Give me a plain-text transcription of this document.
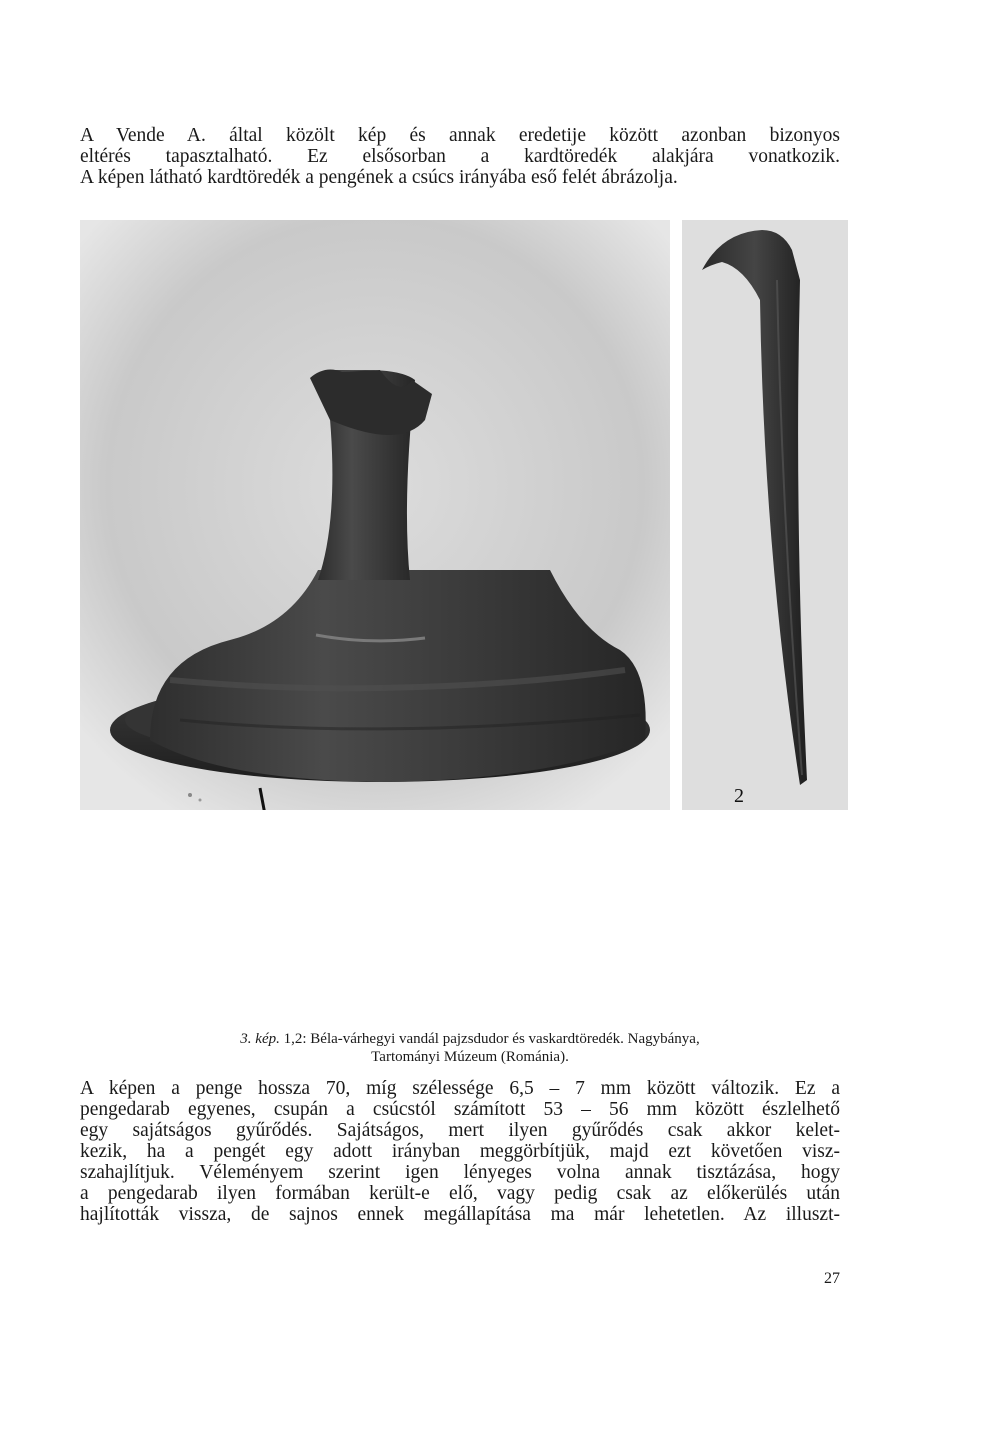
A Vende A. által közölt kép és annak eredetije között azonban bizonyos
eltérés tapasztalható. Ez elsősorban a kardtöredék alakjára vonatkozik.
A képen látható kardtöredék a pengének a csúcs irányába eső felét ábrázolja.
2
3. kép. 1,2: Béla-várhegyi vandál pajzsdudor és vaskardtöredék. Nagybánya,
Tartományi Múzeum (Románia).
A képen a penge hossza 70, míg szélessége 6,5 – 7 mm között változik. Ez a
pengedarab egyenes, csupán a csúcstól számított 53 – 56 mm között észlelhető
egy sajátságos gyűrődés. Sajátságos, mert ilyen gyűrődés csak akkor kelet-
kezik, ha a pengét egy adott irányban meggörbítjük, majd ezt követően visz-
szahajlítjuk. Véleményem szerint igen lényeges volna annak tisztázása, hogy
a pengedarab ilyen formában került-e elő, vagy pedig csak az előkerülés után
hajlították vissza, de sajnos ennek megállapítása ma már lehetetlen. Az illuszt-
27
